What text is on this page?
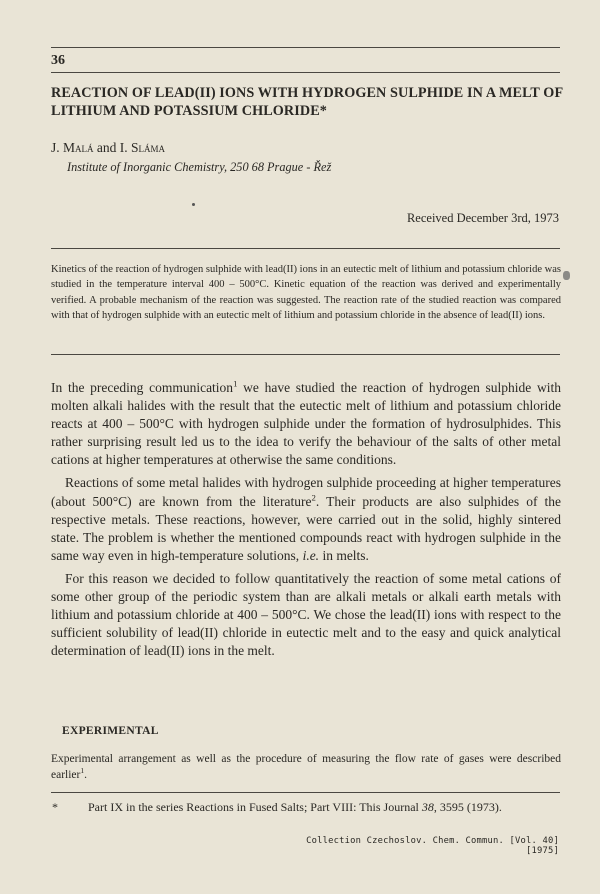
36
REACTION OF LEAD(II) IONS WITH HYDROGEN SULPHIDE IN A MELT OF LITHIUM AND POTASSIUM CHLORIDE*
J. Malá and I. Sláma
Institute of Inorganic Chemistry, 250 68 Prague - Řež
Received December 3rd, 1973
Kinetics of the reaction of hydrogen sulphide with lead(II) ions in an eutectic melt of lithium and potassium chloride was studied in the temperature interval 400 – 500°C. Kinetic equation of the reaction was derived and experimentally verified. A probable mechanism of the reaction was suggested. The reaction rate of the studied reaction was compared with that of hydrogen sulphide with an eutectic melt of lithium and potassium chloride in the absence of lead(II) ions.

In the preceding communication$^1$ we have studied the reaction of hydrogen sulphide with molten alkali halides with the result that the eutectic melt of lithium and potassium chloride reacts at 400 – 500°C with hydrogen sulphide under the formation of hydrosulphides. This rather surprising result led us to the idea to verify the behaviour of the salts of other metal cations at higher temperatures at otherwise the same conditions.

Reactions of some metal halides with hydrogen sulphide proceeding at higher temperatures (about 500°C) are known from the literature$^2$. Their products are also sulphides of the respective metals. These reactions, however, were carried out in the solid, highly sintered state. The problem is whether the mentioned compounds react with hydrogen sulphide in the same way even in high-temperature solutions, i.e. in melts.

For this reason we decided to follow quantitatively the reaction of some metal cations of some other group of the periodic system than are alkali metals or alkali earth metals with lithium and potassium chloride at 400 – 500°C. We chose the lead(II) ions with respect to the sufficient solubility of lead(II) chloride in eutectic melt and to the easy and quick analytical determination of lead(II) ions in the melt.

EXPERIMENTAL
Experimental arrangement as well as the procedure of measuring the flow rate of gases were described earlier$^1$.
*	Part IX in the series Reactions in Fused Salts; Part VIII: This Journal 38, 3595 (1973).
Collection Czechoslov. Chem. Commun. [Vol. 40] [1975]
